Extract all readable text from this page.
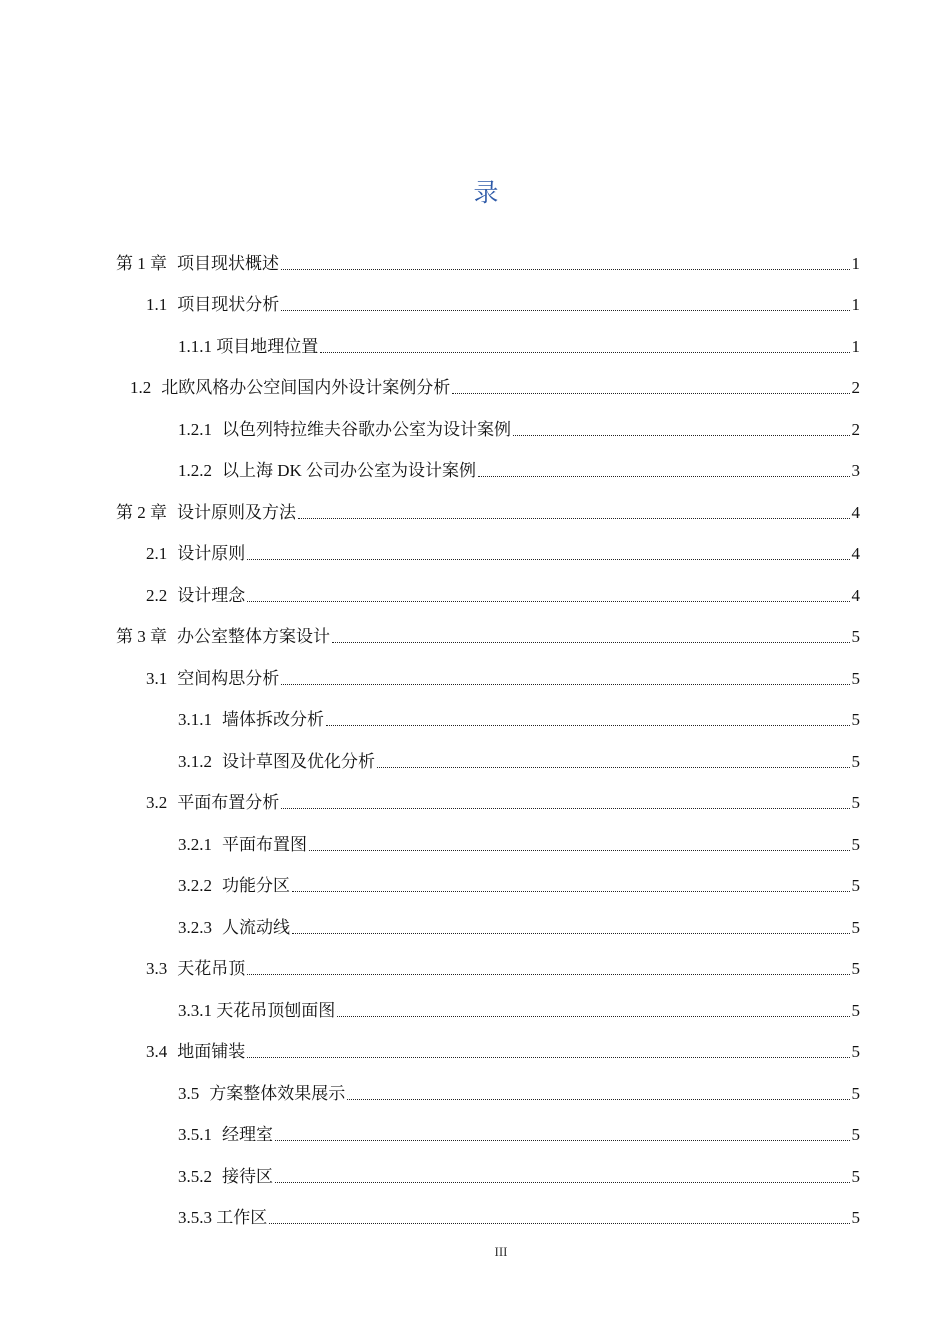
录
第 1 章 项目现状概述	1
1.1 项目现状分析	1
1.1.1 项目地理位置	1
1.2 北欧风格办公空间国内外设计案例分析	2
1.2.1 以色列特拉维夫谷歌办公室为设计案例	2
1.2.2 以上海 DK 公司办公室为设计案例	3
第 2 章 设计原则及方法	4
2.1 设计原则	4
2.2 设计理念	4
第 3 章 办公室整体方案设计	5
3.1 空间构思分析	5
3.1.1 墙体拆改分析	5
3.1.2 设计草图及优化分析	5
3.2 平面布置分析	5
3.2.1 平面布置图	5
3.2.2 功能分区	5
3.2.3 人流动线	5
3.3 天花吊顶	5
3.3.1 天花吊顶刨面图	5
3.4 地面铺装	5
3.5 方案整体效果展示	5
3.5.1 经理室	5
3.5.2 接待区	5
3.5.3 工作区	5
III
